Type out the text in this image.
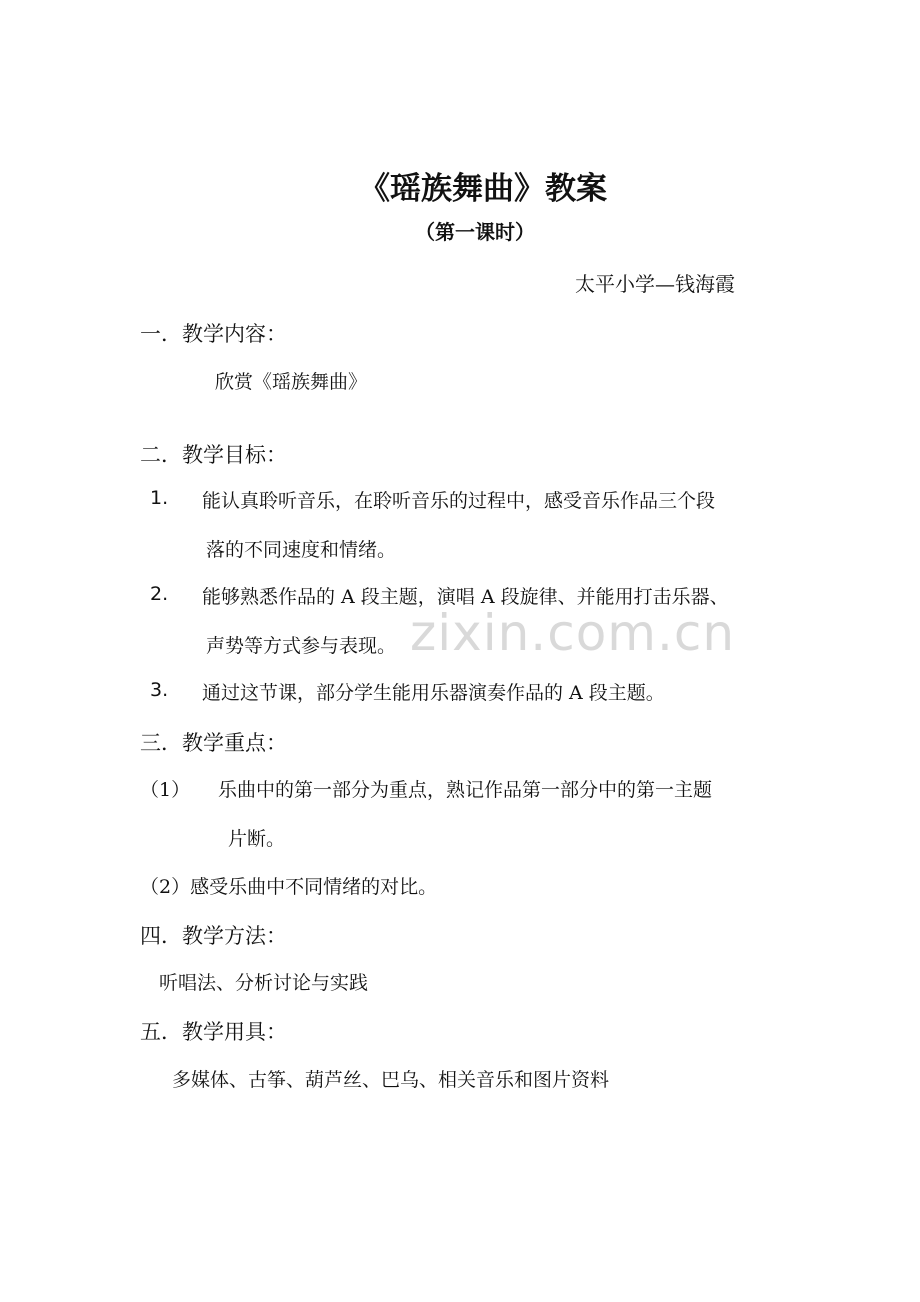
zixin.com.cn
《瑶族舞曲》教案
（第一课时）
太平小学—钱海霞
一．教学内容：
欣赏《瑶族舞曲》
二．教学目标：
1. 能认真聆听音乐，在聆听音乐的过程中，感受音乐作品三个段
落的不同速度和情绪。
2. 能够熟悉作品的 A 段主题，演唱 A 段旋律、并能用打击乐器、
声势等方式参与表现。
3. 通过这节课，部分学生能用乐器演奏作品的 A 段主题。
三．教学重点：
（1） 乐曲中的第一部分为重点，熟记作品第一部分中的第一主题
片断。
（2）感受乐曲中不同情绪的对比。
四．教学方法：
听唱法、分析讨论与实践
五．教学用具：
多媒体、古筝、葫芦丝、巴乌、相关音乐和图片资料
